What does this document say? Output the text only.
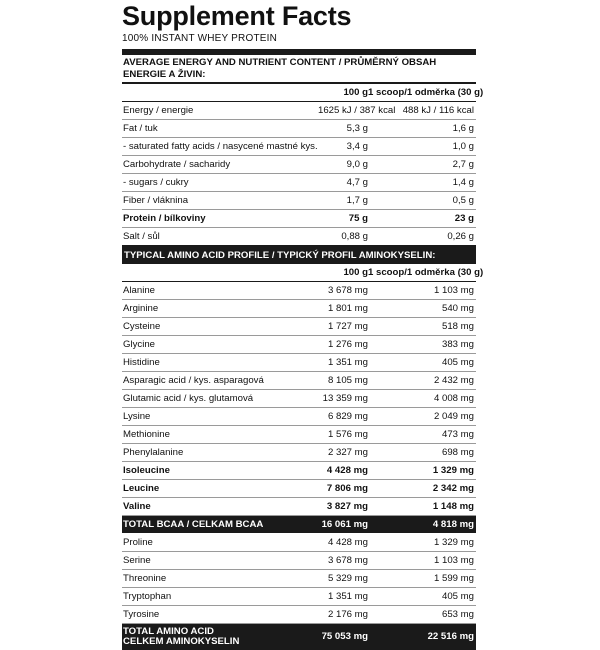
Supplement Facts
100% INSTANT WHEY PROTEIN
AVERAGE ENERGY AND NUTRIENT CONTENT / PRŮMĚRNÝ OBSAH ENERGIE A ŽIVIN:
100 g 1 scoop/1 odměrka (30 g)
Energy / energie	1625 kJ / 387 kcal 488 kJ / 116 kcal
Fat / tuk	5,3 g	1,6 g
- saturated fatty acids / nasycené mastné kys.	3,4 g	1,0 g
Carbohydrate / sacharidy	9,0 g	2,7 g
- sugars / cukry	4,7 g	1,4 g
Fiber / vláknina	1,7 g	0,5 g
Protein / bílkoviny	75 g	23 g
Salt / sůl	0,88 g	0,26 g
TYPICAL AMINO ACID PROFILE / TYPICKÝ PROFIL AMINOKYSELIN:
100 g 1 scoop/1 odměrka (30 g)
Alanine	3 678 mg	1 103 mg
Arginine	1 801 mg	540 mg
Cysteine	1 727 mg	518 mg
Glycine	1 276 mg	383 mg
Histidine	1 351 mg	405 mg
Asparagic acid / kys. asparagová	8 105 mg	2 432 mg
Glutamic acid / kys. glutamová	13 359 mg	4 008 mg
Lysine	6 829 mg	2 049 mg
Methionine	1 576 mg	473 mg
Phenylalanine	2 327 mg	698 mg
Isoleucine	4 428 mg	1 329 mg
Leucine	7 806 mg	2 342 mg
Valine	3 827 mg	1 148 mg
TOTAL BCAA / CELKAM BCAA	16 061 mg	4 818 mg
Proline	4 428 mg	1 329 mg
Serine	3 678 mg	1 103 mg
Threonine	5 329 mg	1 599 mg
Tryptophan	1 351 mg	405 mg
Tyrosine	2 176 mg	653 mg
TOTAL AMINO ACID
CELKEM AMINOKYSELIN	75 053 mg	22 516 mg
